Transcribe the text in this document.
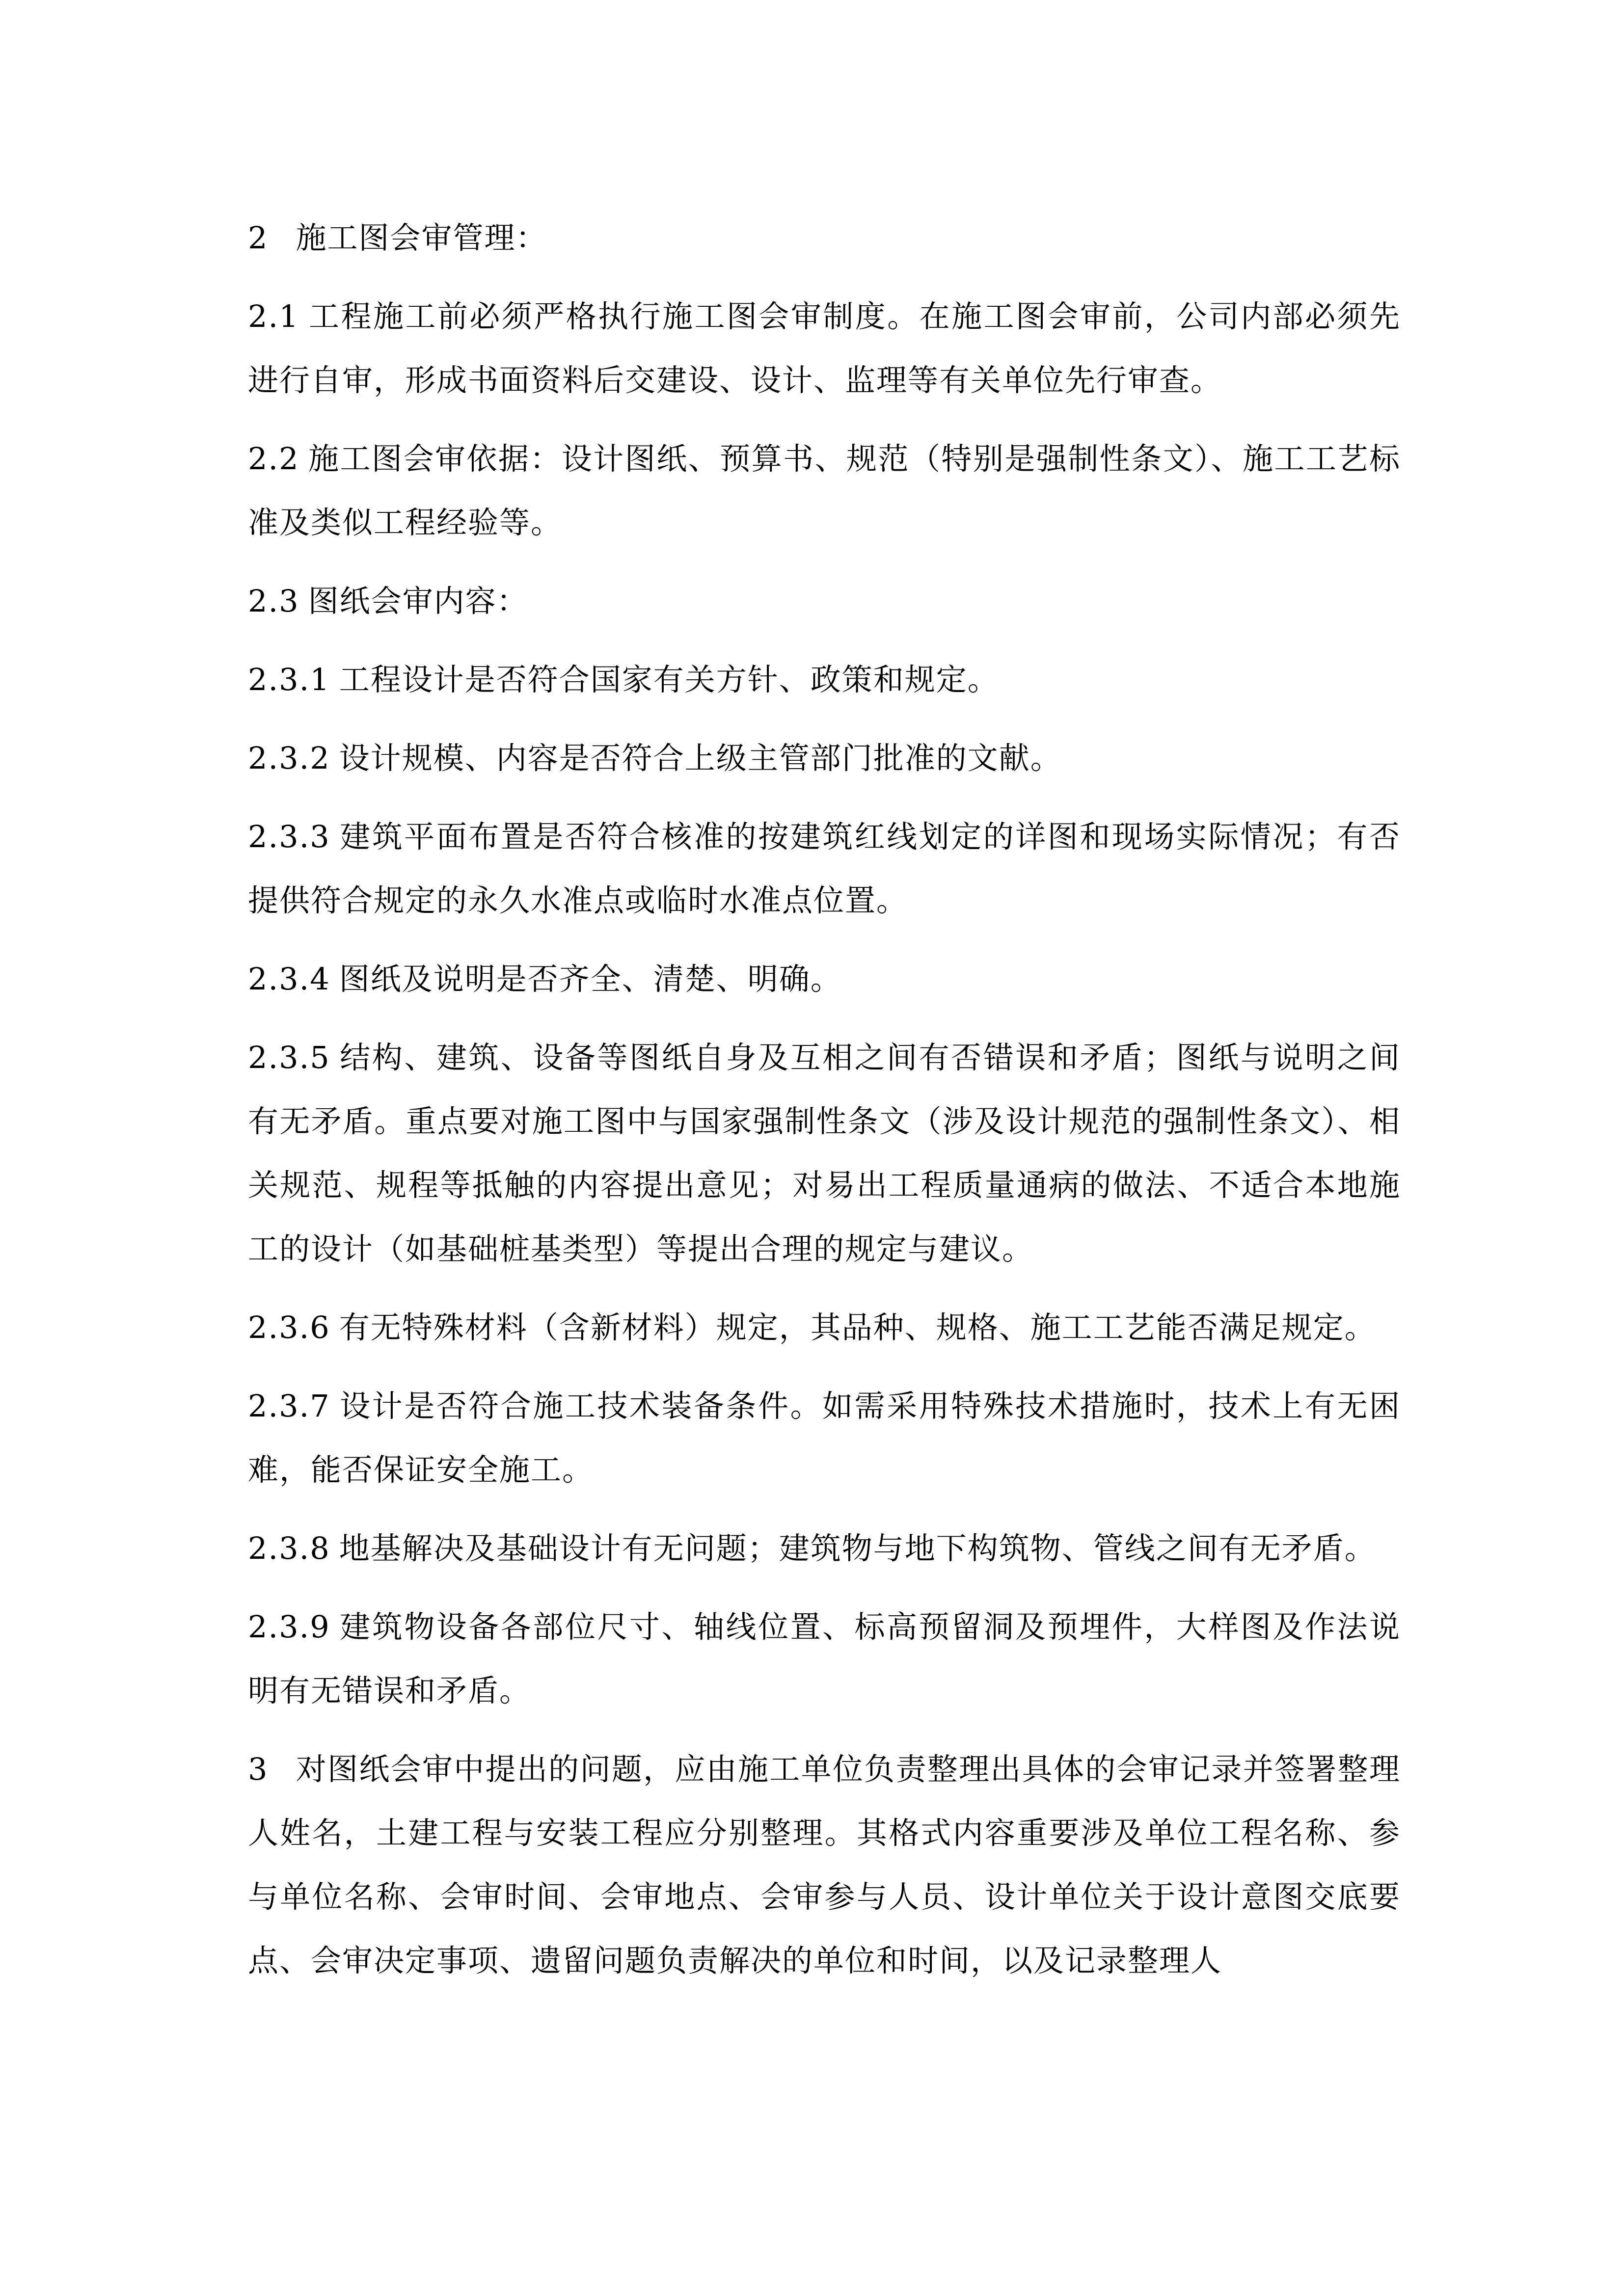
2 施工图会审管理：

2.1 工程施工前必须严格执行施工图会审制度。在施工图会审前，公司内部必须先进行自审，形成书面资料后交建设、设计、监理等有关单位先行审查。

2.2 施工图会审依据：设计图纸、预算书、规范（特别是强制性条文）、施工工艺标准及类似工程经验等。

2.3 图纸会审内容：

2.3.1 工程设计是否符合国家有关方针、政策和规定。

2.3.2 设计规模、内容是否符合上级主管部门批准的文献。

2.3.3 建筑平面布置是否符合核准的按建筑红线划定的详图和现场实际情况；有否提供符合规定的永久水准点或临时水准点位置。

2.3.4 图纸及说明是否齐全、清楚、明确。

2.3.5 结构、建筑、设备等图纸自身及互相之间有否错误和矛盾；图纸与说明之间有无矛盾。重点要对施工图中与国家强制性条文（涉及设计规范的强制性条文）、相关规范、规程等抵触的内容提出意见；对易出工程质量通病的做法、不适合本地施工的设计（如基础桩基类型）等提出合理的规定与建议。

2.3.6 有无特殊材料（含新材料）规定，其品种、规格、施工工艺能否满足规定。

2.3.7 设计是否符合施工技术装备条件。如需采用特殊技术措施时，技术上有无困难，能否保证安全施工。

2.3.8 地基解决及基础设计有无问题；建筑物与地下构筑物、管线之间有无矛盾。

2.3.9 建筑物设备各部位尺寸、轴线位置、标高预留洞及预埋件，大样图及作法说明有无错误和矛盾。

3 对图纸会审中提出的问题，应由施工单位负责整理出具体的会审记录并签署整理人姓名，土建工程与安装工程应分别整理。其格式内容重要涉及单位工程名称、参与单位名称、会审时间、会审地点、会审参与人员、设计单位关于设计意图交底要点、会审决定事项、遗留问题负责解决的单位和时间，以及记录整理人
